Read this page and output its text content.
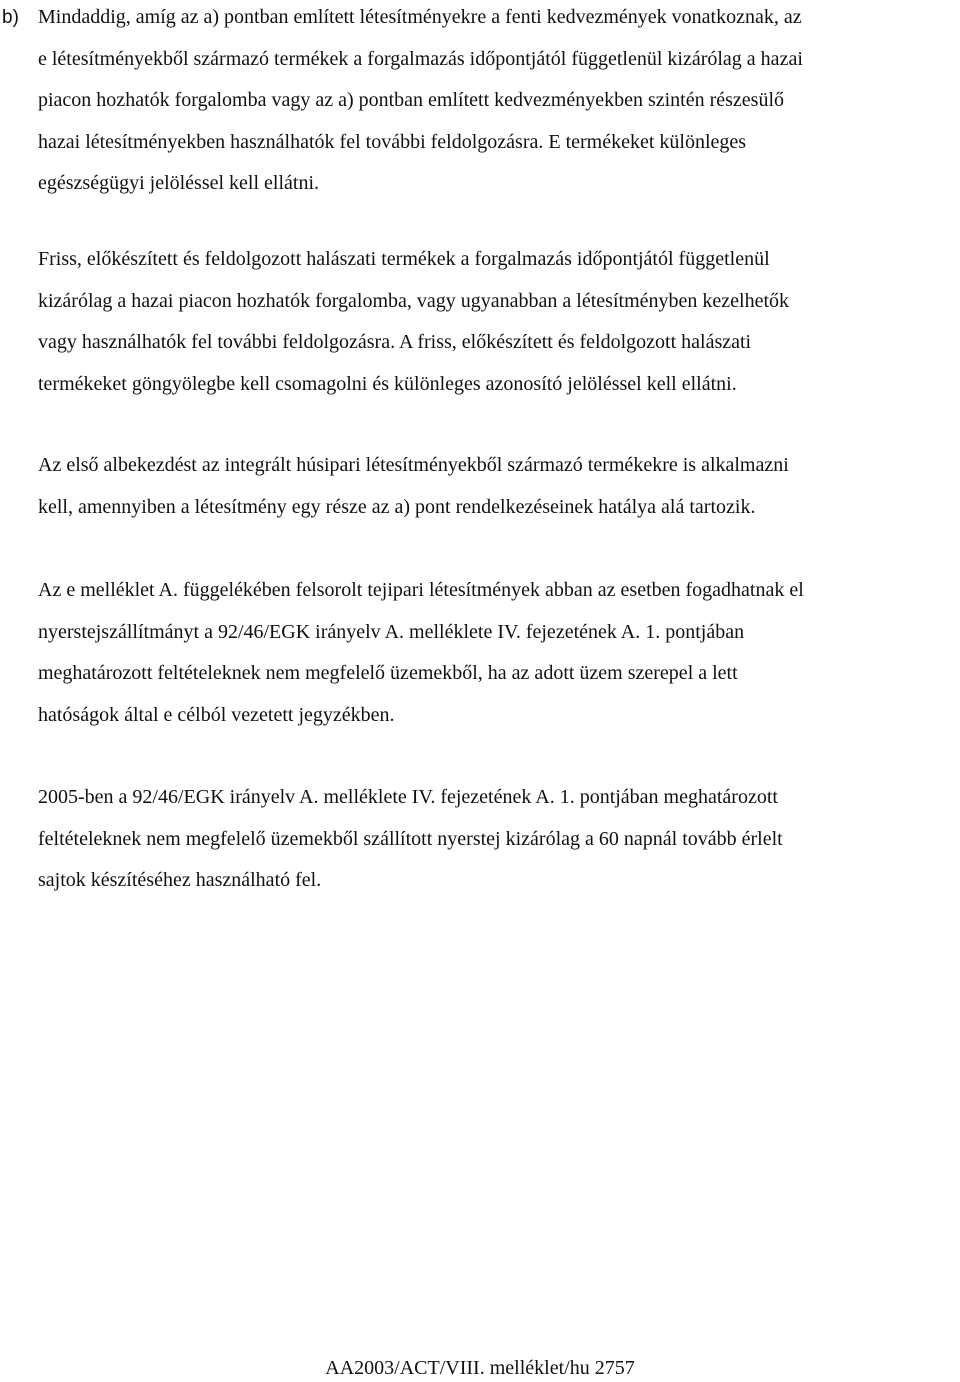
b) Mindaddig, amíg az a) pontban említett létesítményekre a fenti kedvezmények vonatkoznak, az
e létesítményekből származó termékek a forgalmazás időpontjától függetlenül kizárólag a hazai
piacon hozhatók forgalomba vagy az a) pontban említett kedvezményekben szintén részesülő
hazai létesítményekben használhatók fel további feldolgozásra. E termékeket különleges
egészségügyi jelöléssel kell ellátni.
Friss, előkészített és feldolgozott halászati termékek a forgalmazás időpontjától függetlenül
kizárólag a hazai piacon hozhatók forgalomba, vagy ugyanabban a létesítményben kezelhetők
vagy használhatók fel további feldolgozásra. A friss, előkészített és feldolgozott halászati
termékeket göngyölegbe kell csomagolni és különleges azonosító jelöléssel kell ellátni.
Az első albekezdést az integrált húsipari létesítményekből származó termékekre is alkalmazni
kell, amennyiben a létesítmény egy része az a) pont rendelkezéseinek hatálya alá tartozik.
Az e melléklet A. függelékében felsorolt tejipari létesítmények abban az esetben fogadhatnak el
nyerstejszállítmányt a 92/46/EGK irányelv A. melléklete IV. fejezetének A. 1. pontjában
meghatározott feltételeknek nem megfelelő üzemekből, ha az adott üzem szerepel a lett
hatóságok által e célból vezetett jegyzékben.
2005-ben a 92/46/EGK irányelv A. melléklete IV. fejezetének A. 1. pontjában meghatározott
feltételeknek nem megfelelő üzemekből szállított nyerstej kizárólag a 60 napnál tovább érlelt
sajtok készítéséhez használható fel.
AA2003/ACT/VIII. melléklet/hu 2757
